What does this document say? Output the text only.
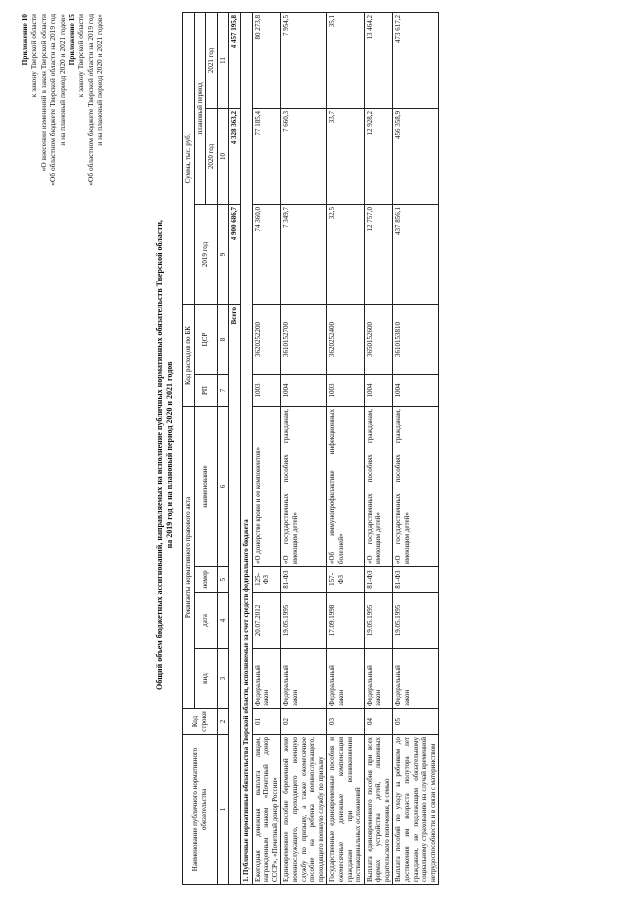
Приложение 10 к закону Тверской области «О внесении изменений в закон Тверской области «Об областном бюджете Тверской области на 2019 год и на плановый период 2020 и 2021 годов» Приложение 15 к закону Тверской области «Об областном бюджете Тверской области на 2019 год и на плановый период 2020 и 2021 годов»
Общий объем бюджетных ассигнований, направляемых на исполнение публичных нормативных обязательств Тверской области, на 2019 год и на плановый период 2020 и 2021 годов
Наименование публичного нормативного обязательства	Код строки	Реквизиты нормативного правового акта				Код расходов по БК		Сумма, тыс. руб.		
		вид	дата	номер	наименование	РП	ЦСР	2019 год	плановый период	
									2020 год	2021 год
1	2	3	4	5	6	7	8	9	10	11
Всего								4 900 686,7	4 328 363,2	4 457 195,8
1. Публичные нормативные обязательства Тверской области, исполняемые за счет средств федерального бюджета										
Ежегодная денежная выплата лицам, награжденным знаком «Почетный донор СССР», «Почетный донор России»	01	Федеральный закон	20.07.2012	125-ФЗ	«О донорстве крови и ее компонентов»	1003	3620252200	74 360,0	77 185,4	80 273,8
Единовременное пособие беременной жене военнослужащего, проходящего военную службу по призыву, а также ежемесячное пособие на ребенка военнослужащего, проходящего военную службу по призыву	02	Федеральный закон	19.05.1995	81-ФЗ	«О государственных пособиях гражданам, имеющим детей»	1004	3610152700	7 349,7	7 660,3	7 954,5
Государственные единовременные пособия и ежемесячные денежные компенсации гражданам при возникновении поствакцинальных осложнений	03	Федеральный закон	17.09.1998	157-ФЗ	«Об иммунопрофилактике инфекционных болезней»	1003	3620252400	32,5	33,7	35,1
Выплата единовременного пособия при всех формах устройства детей, лишенных родительского попечения, в семью	04	Федеральный закон	19.05.1995	81-ФЗ	«О государственных пособиях гражданам, имеющим детей»	1004	3650152600	12 757,0	12 928,2	13 464,2
Выплата пособий по уходу за ребенком до достижения им возраста полутора лет гражданам, не подлежащим обязательному социальному страхованию на случай временной нетрудоспособности и в связи с материнством	05	Федеральный закон	19.05.1995	81-ФЗ	«О государственных пособиях гражданам, имеющим детей»	1004	3610153810	437 856,1	456 358,9	473 617,2
